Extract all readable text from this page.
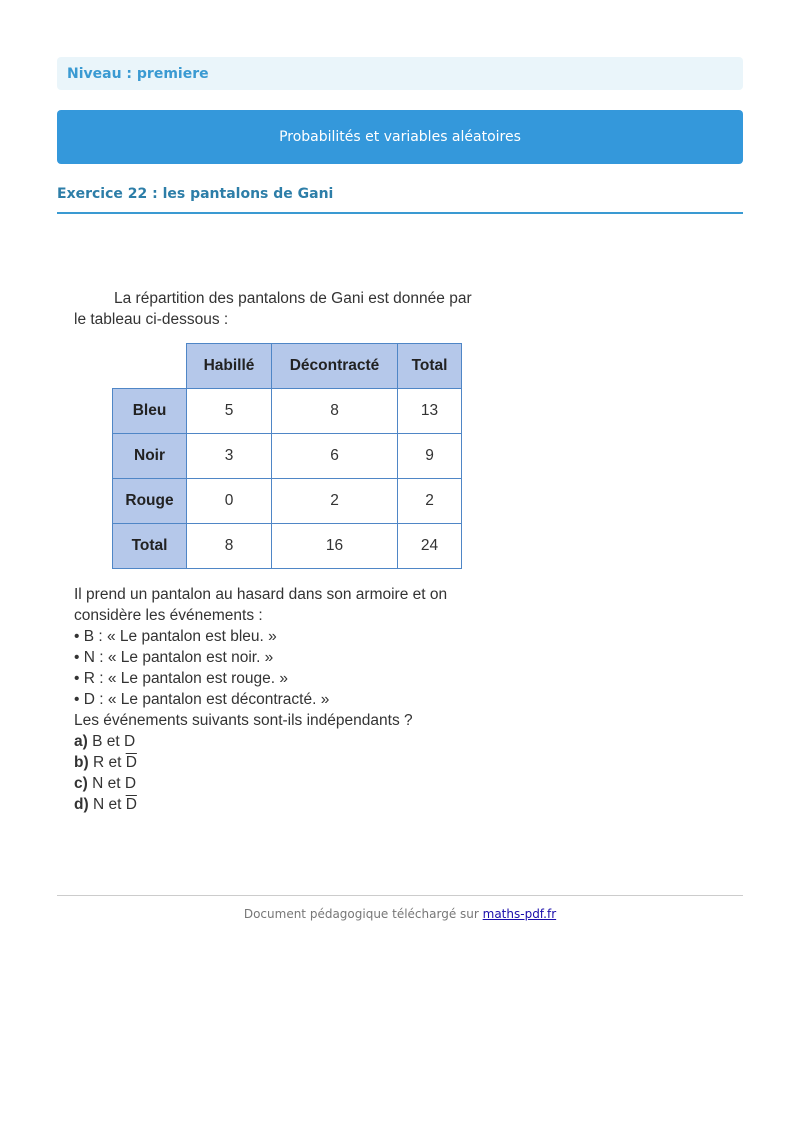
Niveau : premiere
Probabilités et variables aléatoires
Exercice 22 : les pantalons de Gani

La répartition des pantalons de Gani est donnée par
le tableau ci-dessous :

	Habillé	Décontracté	Total
Bleu	5	8	13
Noir	3	6	9
Rouge	0	2	2
Total	8	16	24

Il prend un pantalon au hasard dans son armoire et on

considère les événements :

• B : « Le pantalon est bleu. »

• N : « Le pantalon est noir. »

• R : « Le pantalon est rouge. »

• D : « Le pantalon est décontracté. »

Les événements suivants sont-ils indépendants ?

a) B et D

b) R et $\overline{D}$

c) N et D

d) N et $\overline{D}$

Document pédagogique téléchargé sur maths-pdf.fr
